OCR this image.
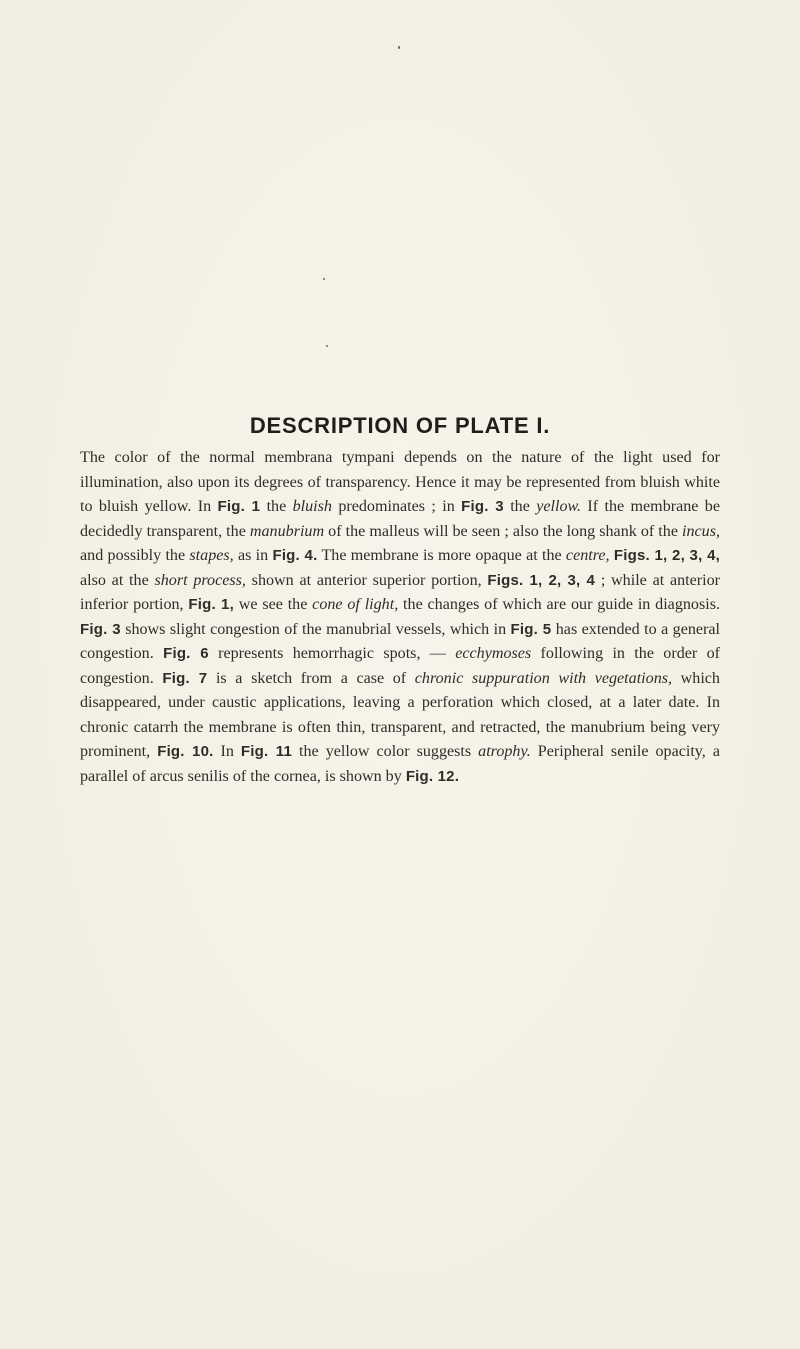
DESCRIPTION OF PLATE I.

The color of the normal membrana tympani depends on the nature of the light used for illumination, also upon its degrees of transparency. Hence it may be represented from bluish white to bluish yellow. In Fig. 1 the bluish predominates ; in Fig. 3 the yellow. If the membrane be decidedly transparent, the manubrium of the malleus will be seen ; also the long shank of the incus, and possibly the stapes, as in Fig. 4. The membrane is more opaque at the centre, Figs. 1, 2, 3, 4, also at the short process, shown at anterior superior portion, Figs. 1, 2, 3, 4 ; while at anterior inferior portion, Fig. 1, we see the cone of light, the changes of which are our guide in diagnosis. Fig. 3 shows slight congestion of the manubrial vessels, which in Fig. 5 has extended to a general congestion. Fig. 6 represents hemorrhagic spots, — ecchymoses following in the order of congestion. Fig. 7 is a sketch from a case of chronic suppuration with vegetations, which disappeared, under caustic applications, leaving a perforation which closed, at a later date. In chronic catarrh the membrane is often thin, transparent, and retracted, the manubrium being very prominent, Fig. 10. In Fig. 11 the yellow color suggests atrophy. Peripheral senile opacity, a parallel of arcus senilis of the cornea, is shown by Fig. 12.
